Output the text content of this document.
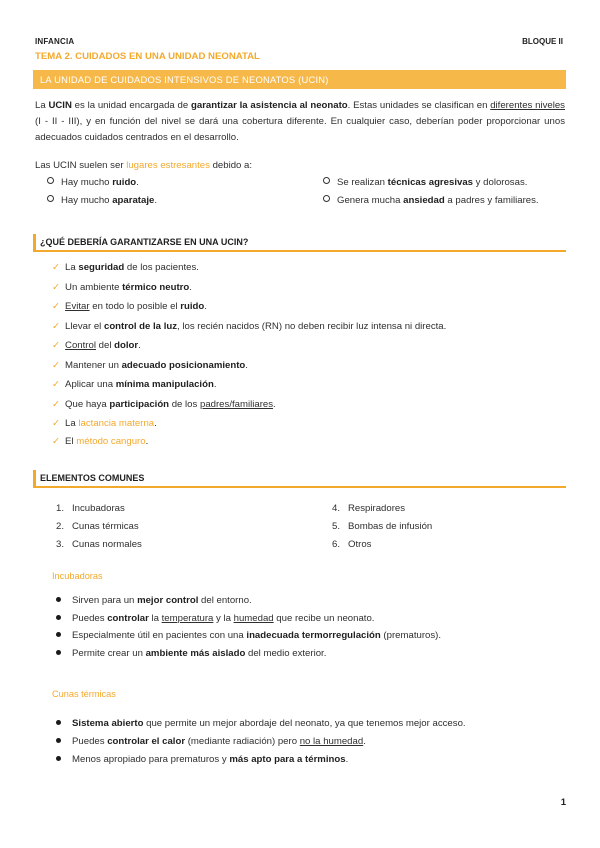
INFANCIA	BLOQUE II
TEMA 2. CUIDADOS EN UNA UNIDAD NEONATAL
LA UNIDAD DE CUIDADOS INTENSIVOS DE NEONATOS (UCIN)
La UCIN es la unidad encargada de garantizar la asistencia al neonato. Estas unidades se clasifican en diferentes niveles (I - II - III), y en función del nivel se dará una cobertura diferente. En cualquier caso, deberían poder proporcionar unos adecuados cuidados centrados en el desarrollo.
Las UCIN suelen ser lugares estresantes debido a:
Hay mucho ruido.
Hay mucho aparataje.
Se realizan técnicas agresivas y dolorosas.
Genera mucha ansiedad a padres y familiares.
¿QUÉ DEBERÍA GARANTIZARSE EN UNA UCIN?
✓ La seguridad de los pacientes.
✓ Un ambiente térmico neutro.
✓ Evitar en todo lo posible el ruido.
✓ Llevar el control de la luz, los recién nacidos (RN) no deben recibir luz intensa ni directa.
✓ Control del dolor.
✓ Mantener un adecuado posicionamiento.
✓ Aplicar una mínima manipulación.
✓ Que haya participación de los padres/familiares.
✓ La lactancia materna.
✓ El método canguro.
ELEMENTOS COMUNES
1. Incubadoras
2. Cunas térmicas
3. Cunas normales
4. Respiradores
5. Bombas de infusión
6. Otros
Incubadoras
Sirven para un mejor control del entorno.
Puedes controlar la temperatura y la humedad que recibe un neonato.
Especialmente útil en pacientes con una inadecuada termorregulación (prematuros).
Permite crear un ambiente más aislado del medio exterior.
Cunas térmicas
Sistema abierto que permite un mejor abordaje del neonato, ya que tenemos mejor acceso.
Puedes controlar el calor (mediante radiación) pero no la humedad.
Menos apropiado para prematuros y más apto para a términos.
1
